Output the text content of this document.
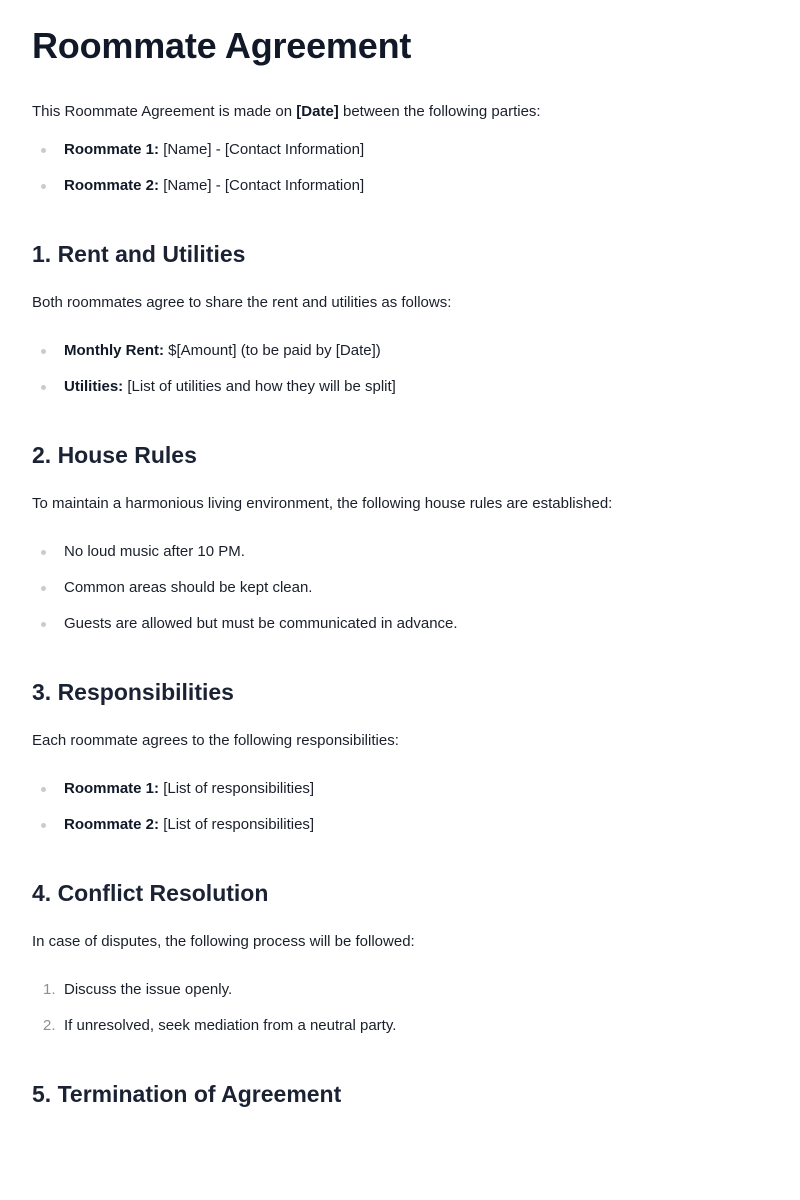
Roommate Agreement

This Roommate Agreement is made on [Date] between the following parties:

Roommate 1: [Name] - [Contact Information]
Roommate 2: [Name] - [Contact Information]
1. Rent and Utilities

Both roommates agree to share the rent and utilities as follows:

Monthly Rent: $[Amount] (to be paid by [Date])
Utilities: [List of utilities and how they will be split]
2. House Rules

To maintain a harmonious living environment, the following house rules are established:

No loud music after 10 PM.
Common areas should be kept clean.
Guests are allowed but must be communicated in advance.
3. Responsibilities

Each roommate agrees to the following responsibilities:

Roommate 1: [List of responsibilities]
Roommate 2: [List of responsibilities]
4. Conflict Resolution

In case of disputes, the following process will be followed:

1. Discuss the issue openly.
2. If unresolved, seek mediation from a neutral party.
5. Termination of Agreement
